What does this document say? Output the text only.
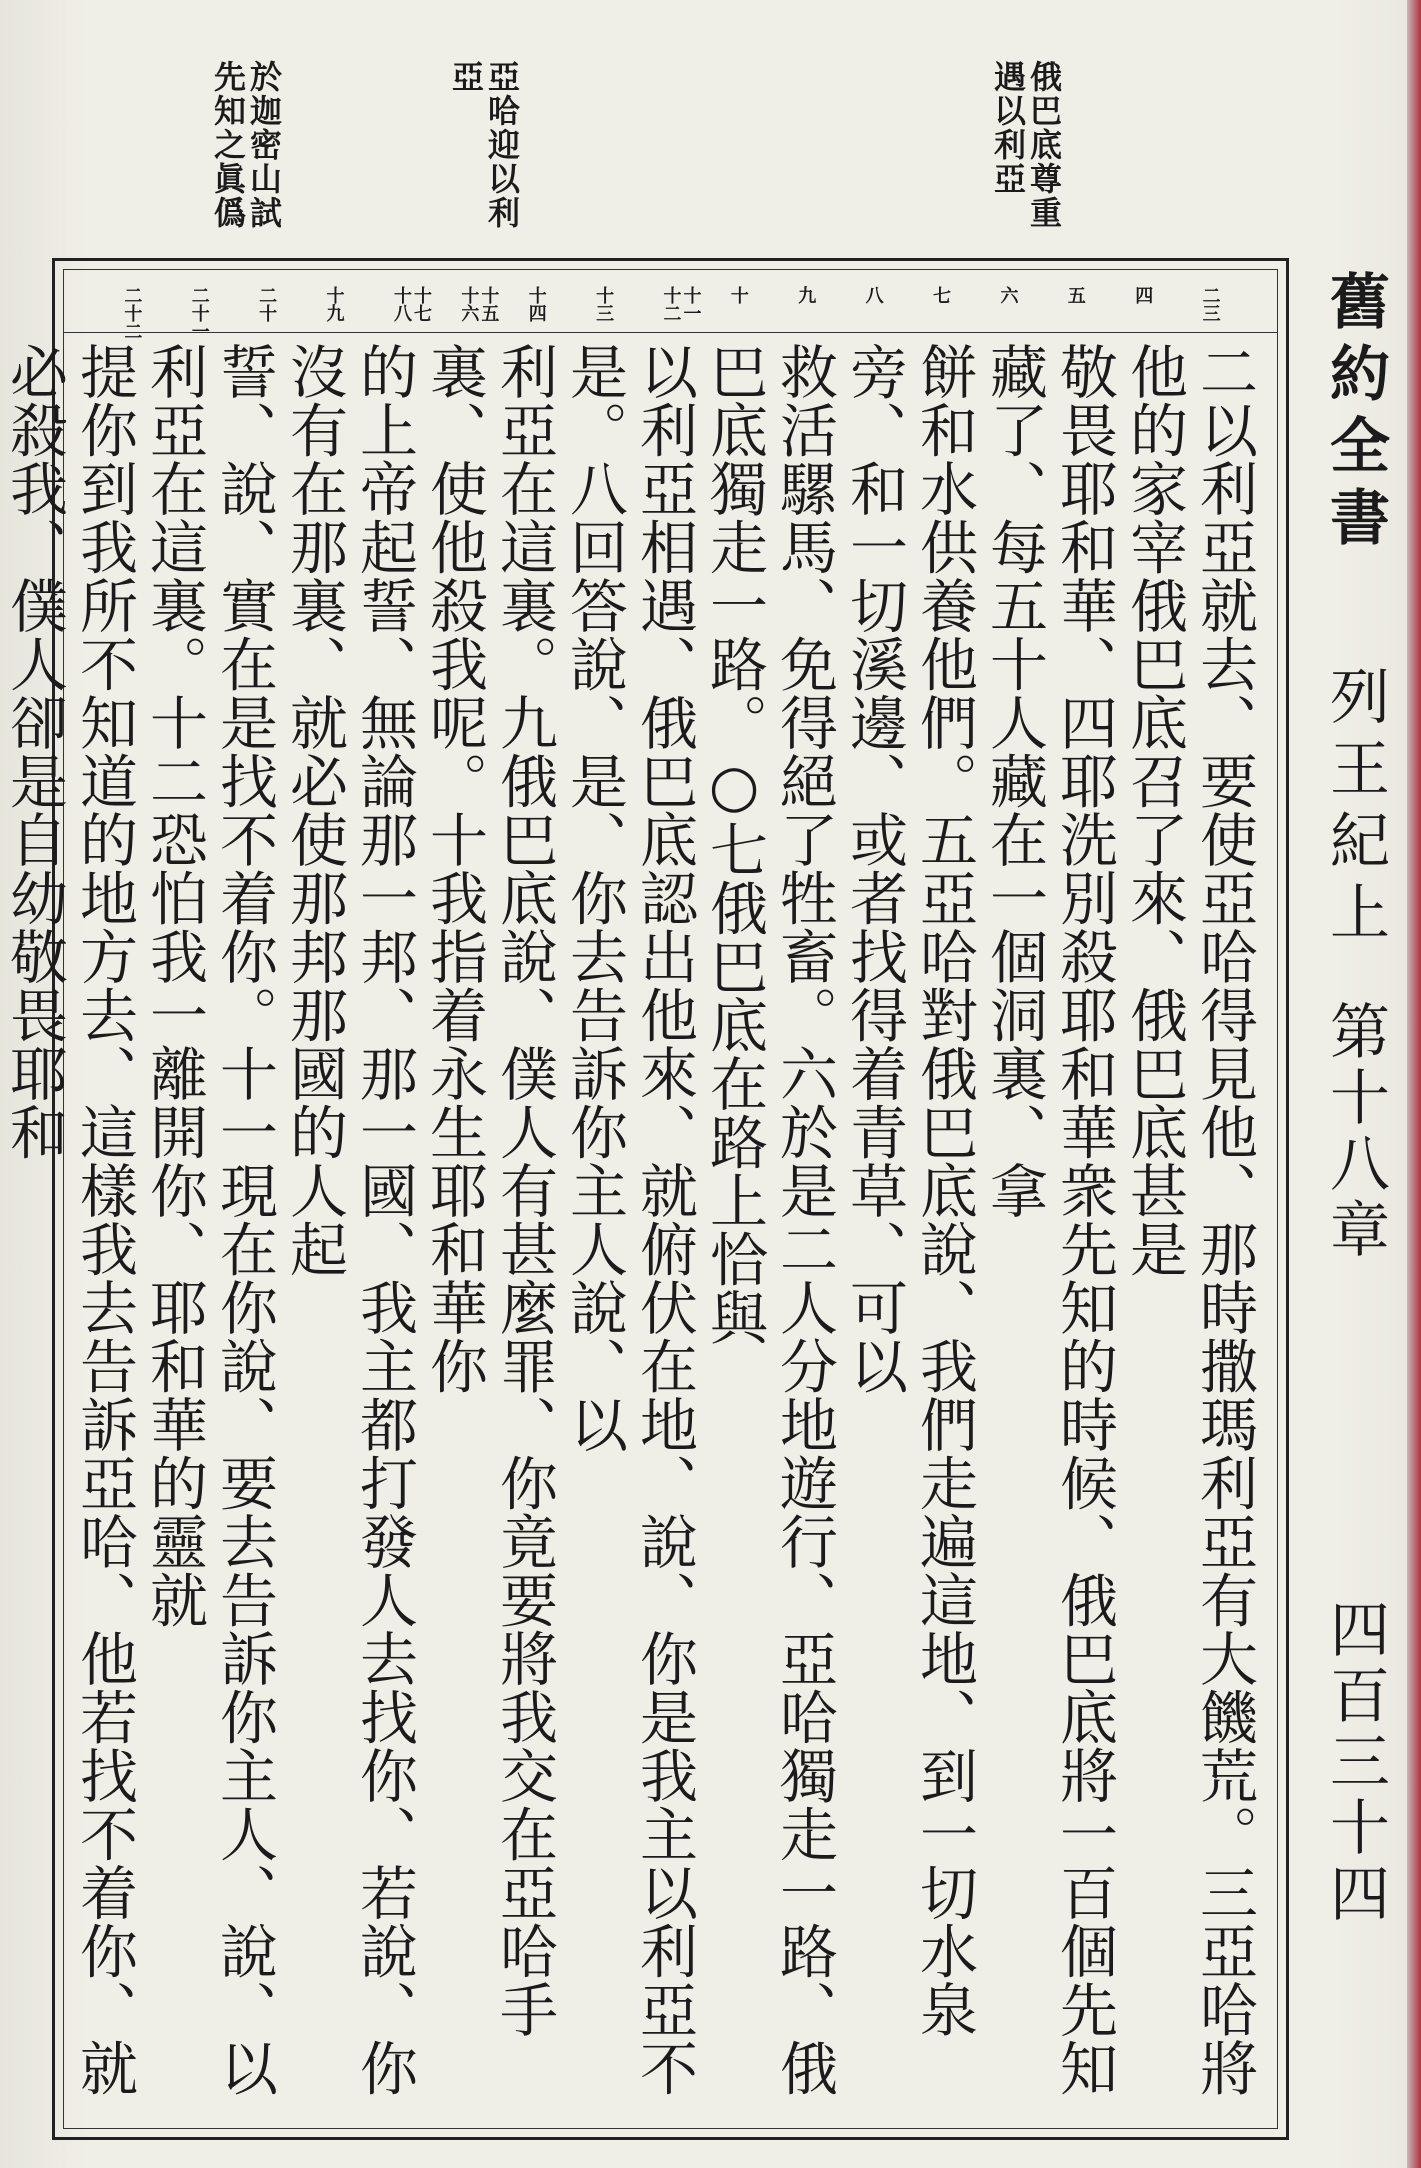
俄巴底尊重
遇以利亞
亞哈迎以利
亞
於迦密山試
先知之眞僞
二三
四
五
六
七
八
九
十
十一
十二
十三
十四
十五
十六
十七
十八
十九
二十
二十一
二十二
二以利亞就去、要使亞哈得見他、那時撒瑪利亞有大饑荒。三亞哈將他的家宰俄巴底召了來、俄巴底甚是
敬畏耶和華、四耶洗別殺耶和華衆先知的時候、俄巴底將一百個先知藏了、每五十人藏在一個洞裏、拿
餅和水供養他們。五亞哈對俄巴底說、我們走遍這地、到一切水泉旁、和一切溪邊、或者找得着青草、可以
救活騾馬、免得絕了牲畜。六於是二人分地遊行、亞哈獨走一路、俄巴底獨走一路。○七俄巴底在路上恰與
以利亞相遇、俄巴底認出他來、就俯伏在地、說、你是我主以利亞不是。八回答說、是、你去告訴你主人說、以
利亞在這裏。九俄巴底說、僕人有甚麼罪、你竟要將我交在亞哈手裏、使他殺我呢。十我指着永生耶和華你
的上帝起誓、無論那一邦、那一國、我主都打發人去找你、若說、你沒有在那裏、就必使那邦那國的人起
誓、說、實在是找不着你。十一現在你說、要去告訴你主人、說、以利亞在這裏。十二恐怕我一離開你、耶和華的靈就
提你到我所不知道的地方去、這樣我去告訴亞哈、他若找不着你、就必殺我、僕人卻是自幼敬畏耶和	舊約全書
列王紀上
第十八章
四百三十四
